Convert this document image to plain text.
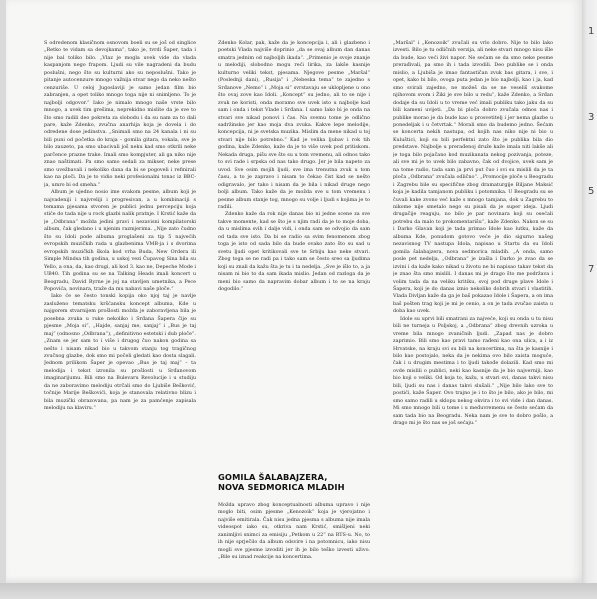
1
3
5
7

S odredenom klasičnom osnovom boeli su se još od singlice „Retko te vidam sa devojkama“, tako je, tvrdi Šaper, tada i nije bal toliko bilo. „Vlaz je mogla uvek vide da vlada kaspanjom nego frapom. Ljudi su vile nagradeni da budu poslušni, nego što su kulturni ako su neposlušni. Tako je pitanje autocenzure mnogo važnija stvar nego da neko nešto cenzuriše. U celoj Jugoslaviji je samo jedan film bio zabranjen, a opet toliko mnogo toga nije ni snimljeno. To je najbolji odgovor.“ Iako je nimalo mnogo naše vrste bilo mnogo, a uvek tim grešima, neprekidno mislite da je sve to što smo radili deo pokreta za slobodu i da su nam za to dali pare, kaže Zdenko, zvučna anarhija koja je dovela i do odredene dose jedinstva. „Snimali smo na 24 kanala i ni su bili puni od početka do kraja – gomila gitara, vokala, sve je bilo zauzeto, pa smo ubacivali još neku kad smo otkrili neke parčence prazne trake. Imali smo kompjuter, ali ga niko nije znao naštimati. Pa smo samo sedali za mikser, neke prese smo uvežbavali i nekoliko dana da bi se pogoveli i refinirali kao na ploči. Da je to vidio neki profesionalni tonac iz BBC-ja, umro bi od smeha.“

Album je ujedno nosio ime svakom pesme, album koji je najvadeniji i najvreliji i progresivan, a u kombinaciji s temama pjesama stvoren je publici jednu percepciju koja stiće do tada nije u rock glazbi nalik pratnje. I Krstić kaže da je „Odbrana“ možda jedini pravi i nezavisni kompilatorski album, čak gledano i u njenim razmjerima. „Nije zato čudno što su Idoli pode albuma proglašeni za tip 5 najvećih evropskih muzičkih rada u glazbenima VMB-ja i s dvorima evropskih muzičkih škola kod vrha Buda, New Ordera ili Simple Mindsa tih godina, u uskoj vezi Čupavog Sina bila su Yello, a ona, da, kao drugi, ali kod 3. kao ne, Depeche Mode i UB40. Tih godina su se na Talking Heads imali koncert u Beogradu, David Byrne je joj na stavljen umetnika, a Pece Popovića, novinara, traže da mu nabavi naše ploče.“

Iako će se često tonski kopija oko njoj taj je navlje zasluženo tematsku kršćansku koncept albuma, Kde u najgorem stvarnijem prošlosti možda je zaboravljena bila je posebna zvuka u ruke nekoliko i Srđana Šapera čije su pjesme „Moja si“, „Hajde, sanjaj me, sanjaj“ i „Bus je taj maj“ (odnosno „Odbrana“), „definitivno estetski i dub ploče“. „Znam se jer sam to i više i drugog čuo nakon godina sa nešto i nisam nikad bio u takvom stanju tog tragičnog zvučnog glazbe, dok smo mi počeli gledati kao dosta slagali. Jednom prilikom Šaper je opevao „Bus je taj maj“ – ta melodija i tekst izronila su prošlosti u Srđanovom imaginarijumu. Bili smo na Bulevaru Revolucije i u studiju da ne zaboravimo melodiju otrčali smo do Ljubiše Bešković, točnije Marije Beškovići, koja je stanovala relativno blizu i bila muzički obrazovana, pa nam je za pamćenje zapisala melodiju na klaviru.“

Zdenko Kolar, pak, kaže da je koncepcija i, ali i glazbeno i poetski Vlada najviše doprinio „da se ovaj album dan danas smatra jednim od najboljih ikada“. „Primenio je svoje znanje u melodiji, slobodno mogu reći lirika, za lakše kasnije kulturno veliki tekst, pjesama. Njegove pesme „Maršal“ (Poslednji dani), „Rusija“ i „Nebeska tema“ te zajedno s Srđanove „Nemo“ i „Moja si“ svrstavaju se uklopljene u ono što ovaj zove kao Idoli. „Koncept“ su jedno, ali to se nije i zvuk ne koristi, onda moramo sve uvek isto u najbolje kad sam i onda i tekst Vlade i Srđana. I samo Iako bi je onda na stvari sve nikad ponovi i čas. Na svemu tome je odlično sadržinsko jer kao moja dva zvuka. Kakve lepe melodije, koncepcija, ni je svetska muzika. Mislim da mene nikad u toj stvari nije bilo potrebno.“ Kad je velika ljubav i rok tih godina, kaže Zdenko, kaže da je to više uvek pod pritiskom. Nekada druga, pišu sve što su u tom vremenu, ali odnos tako to svi rade i srpska od nas tako drugo. Jer je bila napeto za uvod. Sve osim mojih ljudi, sve ima trenutna zvuk u tom času, a to je zapravo i nisam to čekao čist kad se nešto odigravalo, jer tako i nisam da je bila i nikad druge nego bolji album. Tako kaže da je možda sve u tom vremenu i pesme album stanje tog, mnogo su volje i ljudi s kojima je to radili.

Zdenko kaže da rok nije danas bio ni jedne scene za sve takve momente, kad se što je s njim radi da je to moje doba, da u mislima svih i dalje vidi, i onda sam se odvojio da sam od tada sve isto. Da bi se radio sa svim fenomenom zbog toga je isto od sada bilo da bude ovako zato što su sad u svetu ljudi opet kritikovali sve te Srbiju kao neke stvari. Zbog toga se ne radi pa i tako sam se često sreo sa ljudima koji su znali da kažu šta je tu i ta nedelja. „Sve je išlo to, a ja nisam ni bio to da sam ikada mislio. Jedan od razloga da je meni bio samo da napravim dobar album i to se na kraju dogodilo.“

GOMILA ŠALABAJZERA,
NOVA SEDMORICA MLADIH

Možda upravo zbog konceptualnosti albuma upravo i nije moglo biti, osim pjesme „Kenozoik“ koja je vjerojatno i najviše emitirala. Čak nisu jedna pjesma s albuma nije imala videospot iako su, otkriva nam Krstić, smišljeni neki zanimljivi snimci za emisiju „Petkom u 22“ na RTS-u. No, to ih nije sprječilo da album odsvire i na potomnicu, iako nisu mogli sve pjesme izvoditi jer ih je bilo teško izvesti uživo. „Bile su iznad reakcije na koncertima.

„Maršal“ i „Kenozoik“ zvučali su vrlo dobro. Nije to bilo lako izvesti. Bilo je tu odličnih verzija, ali neke stvari mnogo nisu išle da bude, kao veći živi napor. Ne sećam se da smo neke pesme prerađivali, pa smo ih i tada izvodili. Deo publike se i onda mislio, a Ljubiša je imao fantastičan zvuk bas gitara, i sve, i opet, kako bi bilo, ovoga puta jedan je bio najbolji, kao i ja, kad smo svirali zajedno, ne možeš da se ne veseliš svakome njihovom svom i Žiki je sve bilo u redu“, kaže Zdenko, a Srđan dodaje da su Idoli u to vreme već imali publiku tako jaku da su bili kameni uvijeti. „Da bi ploča dobro zvučala odnos nas i publike morao je da bude kao u prosvetitelj i jer nema glazbe u ponedeljak i u četvrtak.“ Morali smo da budemo jedno. Šećam se koncerta nekih nastupa, od kojih nas niko nije ni bio u Kuluštici, koji su bili perfektni zato što je publika bila dio predstave. Najbolje u prerađenoj druže kaže imala niti lakše ali je toga bilo pojačano kod muzikanata nekog pozivanja, poteze, ali sve mi je to uvek bilo zabavno, čak od dvojice, uvek sam je na tome radio, tada sam ja prvi put čuo i svi su mislili da je ta ploča „Odbrana“ zvučala odlično“. „Promocije ploče u Beogradu i Zagrebu bile su specifične zbog dramaturgije Biljane Maksić koja je kadila tamjanom publiku i potomnika. U Beogradu su se čuvali kake zvono već kaže s mnogo tamjana, dok u Zagrebu to nikome nije smetalo nego su pisali da je super ideja. Ljudi drugačije reaguju, no bilo je par novinara koji su osećali potrebu da malo to prokomentarišu“, kaže Zdenko. Nakon se su i Darko Glavan koji je tada primao Idole kao lutku, kaže da albuma Kde, ponudom gotovo veće je dio sigurno našeg nezavisnog TV nastupa Idola, napisao u Startu da su Idoli gomila šalabajzera, nova sedmorica mladih. „A onda, samo posle pet nedelja, „Odbrana“ je izašla i Darko je zvao da se izvini i da kaže kako nikad u životu ne bi napisao takav tekst da je znao šta smo mislili. I danas mi je drago što me podržava i volim tada da na veliku kritiku, svoj pod druge plave Idole i Šapera, koji je do danas iznio nekoliko dobrih stvari i vlastitih. Vlada Divljan kaže da ga je baš pokazao Idole i Šapera, a on ima baš pošten trag koji je mi je cenio, a on je tada zvučao zaista u doba kao uvek.

Idole su uprvi bili smatrani za najveće, koji su onda u tu nisu bili ne turneja u Poljskoj, a „Odbrana“ zbog drevnih uzroka u vreme bila mnogo zvaničnih ljudi. „Zapad nas je dobro zaprimio. Bili smo kao pravi tamo rađeni kao ona ulica, a i iz Hrvatske, na kraju svi su bili na koncertima, na šta je kasnije i bilo kao postojalo, neka da je nekima ovo bilo zaista moguće, čak i u drugim mestima i to ljudi takođe dolazili. Kad smo mi ovde mislili o publici, neki kao kasnije da je bio najverniji, kao bio koji o veliki. Od koja to, kažu, u stvari svi, danas takvi nisu bili, ljudi su nas i danas takvi slušali.“ „Nije bilo lako sve to postići, kaže Šaper. Ovo trajno je i to što je bilo, ako je bilo, mi smo samo radili u sklopu nekog okvira i to svi vide i dan danas. Mi smo mnogo bili u tome i u međuvremenu se često sećam da sam tada bio na Beogradu. Neka nam je sve to dobro pošlo, a drago mi je što nas se još sećaju.“
